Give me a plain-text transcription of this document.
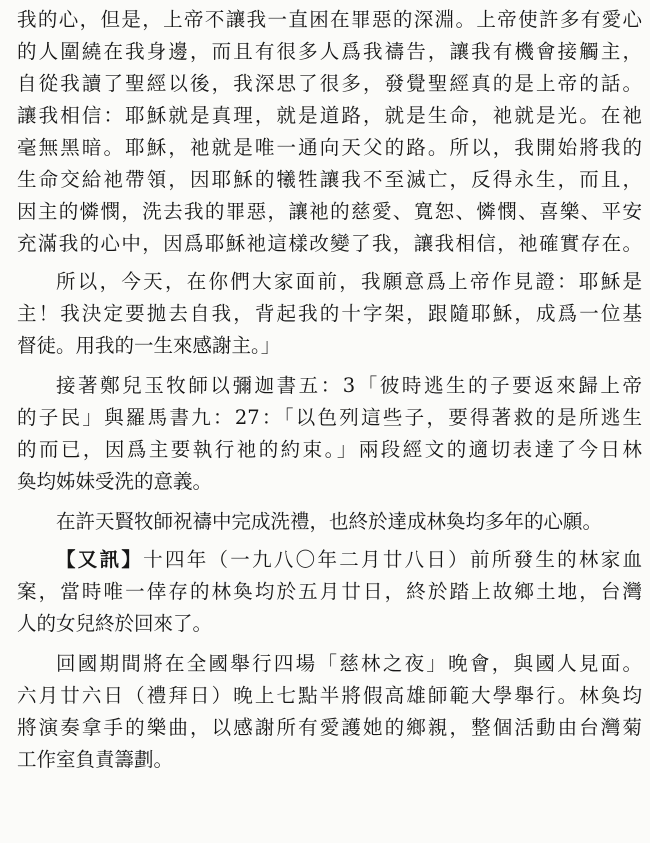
我的心，但是，上帝不讓我一直困在罪惡的深淵。上帝使許多有愛心
的人圍繞在我身邊，而且有很多人爲我禱告，讓我有機會接觸主，
自從我讀了聖經以後，我深思了很多，發覺聖經真的是上帝的話。
讓我相信：耶穌就是真理，就是道路，就是生命，祂就是光。在祂
毫無黑暗。耶穌，祂就是唯一通向天父的路。所以，我開始將我的
生命交給祂帶領，因耶穌的犧牲讓我不至滅亡，反得永生，而且，
因主的憐憫，洗去我的罪惡，讓祂的慈愛、寬恕、憐憫、喜樂、平安
充滿我的心中，因爲耶穌祂這樣改變了我，讓我相信，祂確實存在。
所以，今天，在你們大家面前，我願意爲上帝作見證：耶穌是
主！我決定要拋去自我，背起我的十字架，跟隨耶穌，成爲一位基
督徒。用我的一生來感謝主。」
接著鄭兒玉牧師以彌迦書五：3「彼時逃生的子要返來歸上帝
的子民」與羅馬書九：27：「以色列這些子，要得著救的是所逃生
的而已，因爲主要執行祂的約束。」兩段經文的適切表達了今日林
奐均姊妹受洗的意義。
在許天賢牧師祝禱中完成洗禮，也終於達成林奐均多年的心願。
【又訊】十四年（一九八〇年二月廿八日）前所發生的林家血
案，當時唯一倖存的林奐均於五月廿日，終於踏上故鄉土地，台灣
人的女兒終於回來了。
回國期間將在全國舉行四場「慈林之夜」晚會，與國人見面。
六月廿六日（禮拜日）晚上七點半將假高雄師範大學舉行。林奐均
將演奏拿手的樂曲，以感謝所有愛護她的鄉親，整個活動由台灣菊
工作室負責籌劃。
